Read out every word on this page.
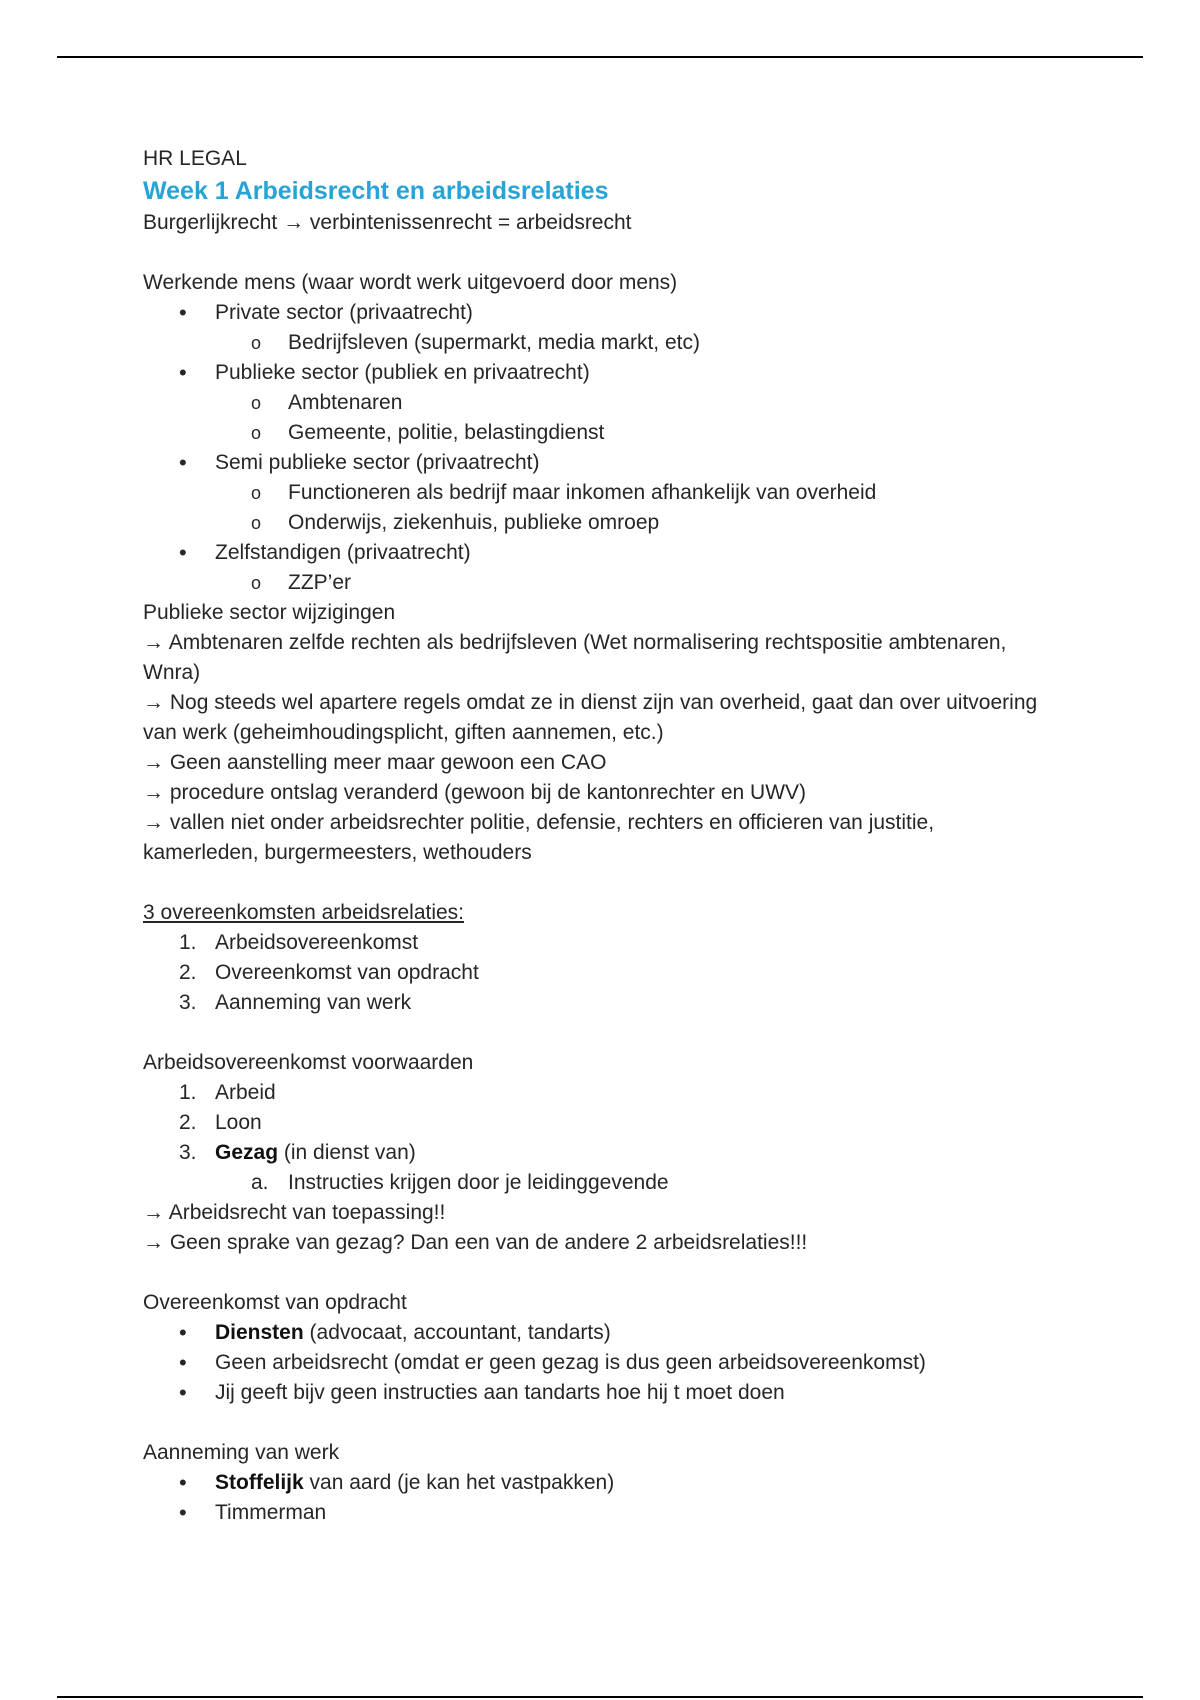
HR LEGAL
Week 1 Arbeidsrecht en arbeidsrelaties
Burgerlijkrecht → verbintenissenrecht = arbeidsrecht
Werkende mens (waar wordt werk uitgevoerd door mens)
•	Private sector (privaatrecht)
o	Bedrijfsleven (supermarkt, media markt, etc)
•	Publieke sector (publiek en privaatrecht)
o	Ambtenaren
o	Gemeente, politie, belastingdienst
•	Semi publieke sector (privaatrecht)
o	Functioneren als bedrijf maar inkomen afhankelijk van overheid
o	Onderwijs, ziekenhuis, publieke omroep
•	Zelfstandigen (privaatrecht)
o	ZZP’er
Publieke sector wijzigingen
→ Ambtenaren zelfde rechten als bedrijfsleven (Wet normalisering rechtspositie ambtenaren, Wnra)
→ Nog steeds wel apartere regels omdat ze in dienst zijn van overheid, gaat dan over uitvoering van werk (geheimhoudingsplicht, giften aannemen, etc.)
→ Geen aanstelling meer maar gewoon een CAO
→ procedure ontslag veranderd (gewoon bij de kantonrechter en UWV)
→ vallen niet onder arbeidsrechter politie, defensie, rechters en officieren van justitie, kamerleden, burgermeesters, wethouders
3 overeenkomsten arbeidsrelaties:
1. Arbeidsovereenkomst
2. Overeenkomst van opdracht
3. Aanneming van werk
Arbeidsovereenkomst voorwaarden
1. Arbeid
2. Loon
3. Gezag (in dienst van)
a. Instructies krijgen door je leidinggevende
→ Arbeidsrecht van toepassing!!
→ Geen sprake van gezag? Dan een van de andere 2 arbeidsrelaties!!!
Overeenkomst van opdracht
•	Diensten (advocaat, accountant, tandarts)
•	Geen arbeidsrecht (omdat er geen gezag is dus geen arbeidsovereenkomst)
•	Jij geeft bijv geen instructies aan tandarts hoe hij t moet doen
Aanneming van werk
•	Stoffelijk van aard (je kan het vastpakken)
•	Timmerman
